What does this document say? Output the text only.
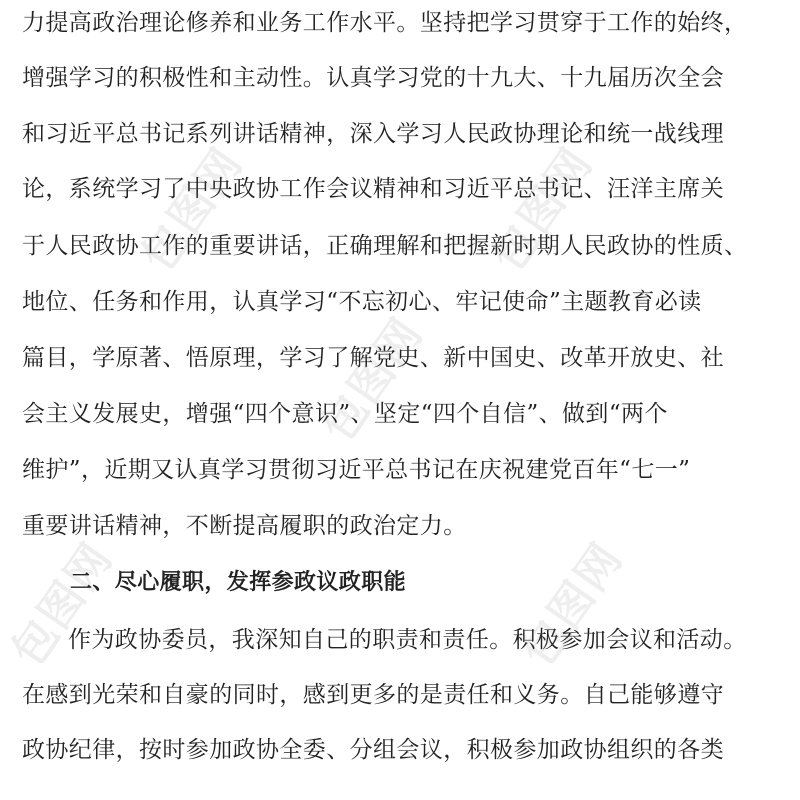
力提高政治理论修养和业务工作水平。坚持把学习贯穿于工作的始终，
增强学习的积极性和主动性。认真学习党的十九大、十九届历次全会
和习近平总书记系列讲话精神，深入学习人民政协理论和统一战线理
论，系统学习了中央政协工作会议精神和习近平总书记、汪洋主席关
于人民政协工作的重要讲话，正确理解和把握新时期人民政协的性质、
地位、任务和作用，认真学习“不忘初心、牢记使命”主题教育必读
篇目，学原著、悟原理，学习了解党史、新中国史、改革开放史、社
会主义发展史，增强“四个意识”、坚定“四个自信”、做到“两个
维护”，近期又认真学习贯彻习近平总书记在庆祝建党百年“七一”
重要讲话精神，不断提高履职的政治定力。
二、尽心履职，发挥参政议政职能
作为政协委员，我深知自己的职责和责任。积极参加会议和活动。
在感到光荣和自豪的同时，感到更多的是责任和义务。自己能够遵守
政协纪律，按时参加政协全委、分组会议，积极参加政协组织的各类
包图网	包图网
包图网
包图网
包图网
